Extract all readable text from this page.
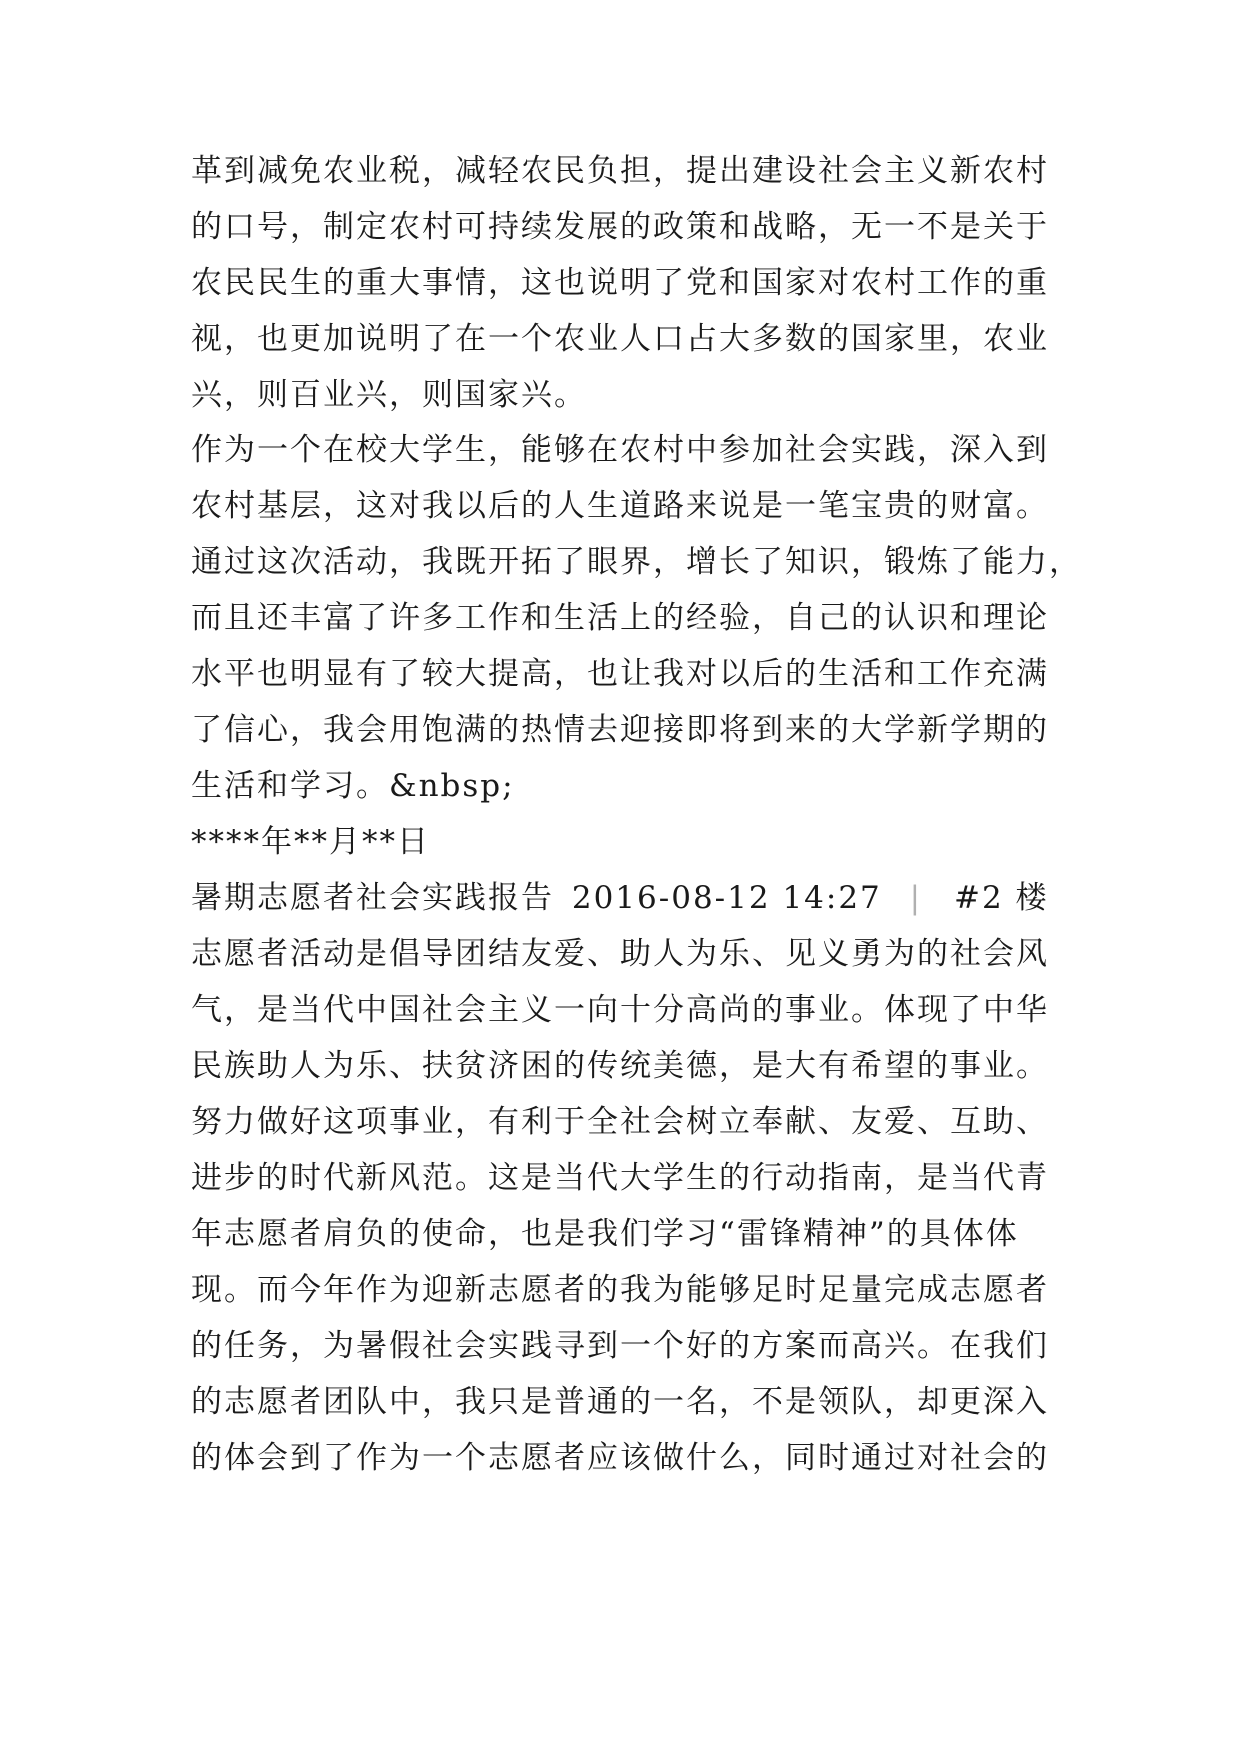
革到减免农业税，减轻农民负担，提出建设社会主义新农村
的口号，制定农村可持续发展的政策和战略，无一不是关于
农民民生的重大事情，这也说明了党和国家对农村工作的重
视，也更加说明了在一个农业人口占大多数的国家里，农业
兴，则百业兴，则国家兴。
作为一个在校大学生，能够在农村中参加社会实践，深入到
农村基层，这对我以后的人生道路来说是一笔宝贵的财富。
通过这次活动，我既开拓了眼界，增长了知识，锻炼了能力，
而且还丰富了许多工作和生活上的经验，自己的认识和理论
水平也明显有了较大提高，也让我对以后的生活和工作充满
了信心，我会用饱满的热情去迎接即将到来的大学新学期的
生活和学习。&nbsp;
****年**月**日
暑期志愿者社会实践报告 2016-08-12 14:27 | #2 楼
志愿者活动是倡导团结友爱、助人为乐、见义勇为的社会风
气，是当代中国社会主义一向十分高尚的事业。体现了中华
民族助人为乐、扶贫济困的传统美德，是大有希望的事业。
努力做好这项事业，有利于全社会树立奉献、友爱、互助、
进步的时代新风范。这是当代大学生的行动指南，是当代青
年志愿者肩负的使命，也是我们学习“雷锋精神”的具体体
现。而今年作为迎新志愿者的我为能够足时足量完成志愿者
的任务，为暑假社会实践寻到一个好的方案而高兴。在我们
的志愿者团队中，我只是普通的一名，不是领队，却更深入
的体会到了作为一个志愿者应该做什么，同时通过对社会的
